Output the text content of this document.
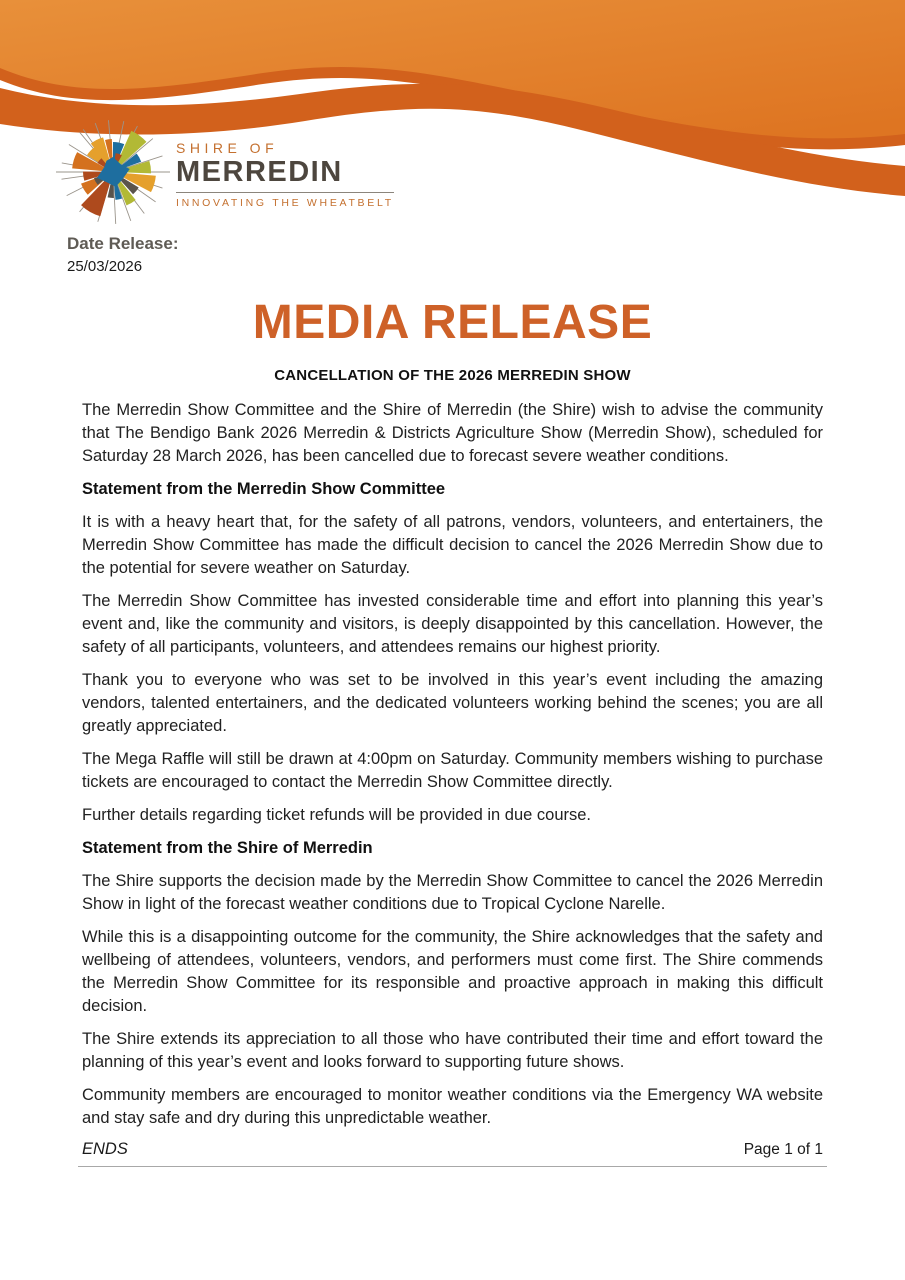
SHIRE OF
MERREDIN
INNOVATING THE WHEATBELT
Date Release:
25/03/2026
MEDIA RELEASE
CANCELLATION OF THE 2026 MERREDIN SHOW

The Merredin Show Committee and the Shire of Merredin (the Shire) wish to advise the community that The Bendigo Bank 2026 Merredin & Districts Agriculture Show (Merredin Show), scheduled for Saturday 28 March 2026, has been cancelled due to forecast severe weather conditions.

Statement from the Merredin Show Committee

It is with a heavy heart that, for the safety of all patrons, vendors, volunteers, and entertainers, the Merredin Show Committee has made the difficult decision to cancel the 2026 Merredin Show due to the potential for severe weather on Saturday.

The Merredin Show Committee has invested considerable time and effort into planning this year’s event and, like the community and visitors, is deeply disappointed by this cancellation. However, the safety of all participants, volunteers, and attendees remains our highest priority.

Thank you to everyone who was set to be involved in this year’s event including the amazing vendors, talented entertainers, and the dedicated volunteers working behind the scenes; you are all greatly appreciated.

The Mega Raffle will still be drawn at 4:00pm on Saturday. Community members wishing to purchase tickets are encouraged to contact the Merredin Show Committee directly.

Further details regarding ticket refunds will be provided in due course.

Statement from the Shire of Merredin

The Shire supports the decision made by the Merredin Show Committee to cancel the 2026 Merredin Show in light of the forecast weather conditions due to Tropical Cyclone Narelle.

While this is a disappointing outcome for the community, the Shire acknowledges that the safety and wellbeing of attendees, volunteers, vendors, and performers must come first. The Shire commends the Merredin Show Committee for its responsible and proactive approach in making this difficult decision.

The Shire extends its appreciation to all those who have contributed their time and effort toward the planning of this year’s event and looks forward to supporting future shows.

Community members are encouraged to monitor weather conditions via the Emergency WA website and stay safe and dry during this unpredictable weather.

ENDS	Page 1 of 1
